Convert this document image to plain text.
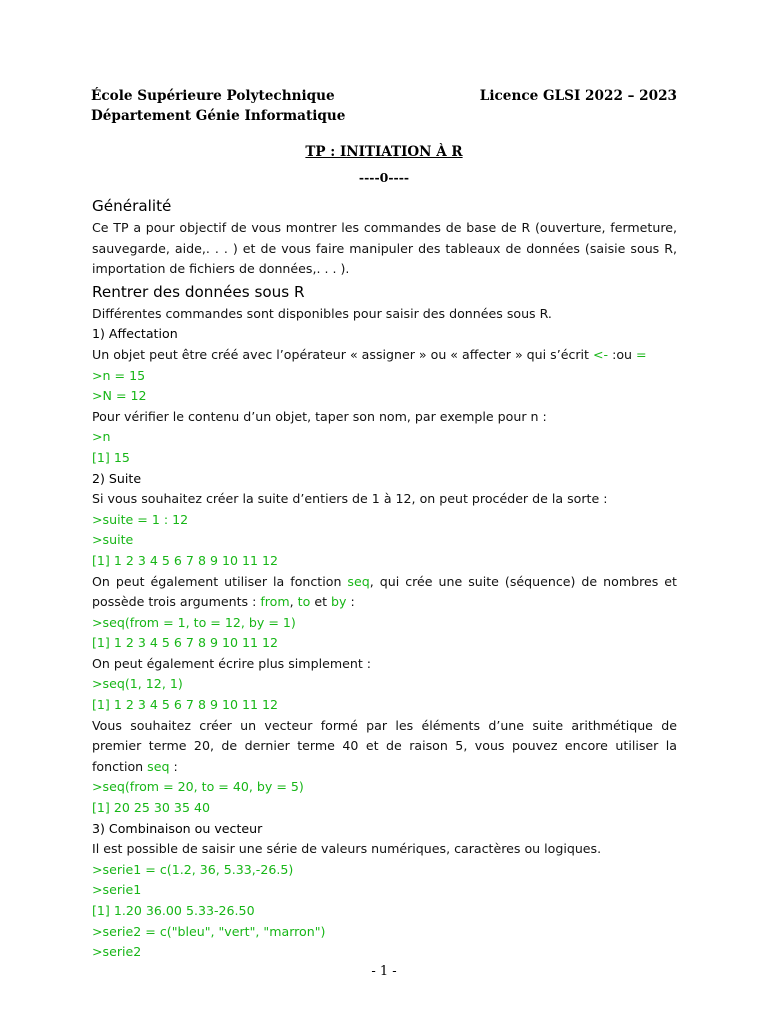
École Supérieure Polytechnique
Département Génie Informatique
Licence GLSI 2022 – 2023
TP : INITIATION À R
----0----
Généralité

Ce TP a pour objectif de vous montrer les commandes de base de R (ouverture, fermeture, sauvegarde, aide,. . . ) et de vous faire manipuler des tableaux de données (saisie sous R, importation de fichiers de données,. . . ).

Rentrer des données sous R

Différentes commandes sont disponibles pour saisir des données sous R.

1) Affectation

Un objet peut être créé avec l’opérateur « assigner » ou « affecter » qui s’écrit <- :ou =

>n = 15

>N = 12

Pour vérifier le contenu d’un objet, taper son nom, par exemple pour n :

>n

[1] 15

2) Suite

Si vous souhaitez créer la suite d’entiers de 1 à 12, on peut procéder de la sorte :

>suite = 1 : 12

>suite

[1] 1 2 3 4 5 6 7 8 9 10 11 12

On peut également utiliser la fonction seq, qui crée une suite (séquence) de nombres et possède trois arguments : from, to et by :

>seq(from = 1, to = 12, by = 1)

[1] 1 2 3 4 5 6 7 8 9 10 11 12

On peut également écrire plus simplement :

>seq(1, 12, 1)

[1] 1 2 3 4 5 6 7 8 9 10 11 12

Vous souhaitez créer un vecteur formé par les éléments d’une suite arithmétique de premier terme 20, de dernier terme 40 et de raison 5, vous pouvez encore utiliser la fonction seq :

>seq(from = 20, to = 40, by = 5)

[1] 20 25 30 35 40

3) Combinaison ou vecteur

Il est possible de saisir une série de valeurs numériques, caractères ou logiques.

>serie1 = c(1.2, 36, 5.33,-26.5)

>serie1

[1] 1.20 36.00 5.33-26.50

>serie2 = c("bleu", "vert", "marron")

>serie2

- 1 -
